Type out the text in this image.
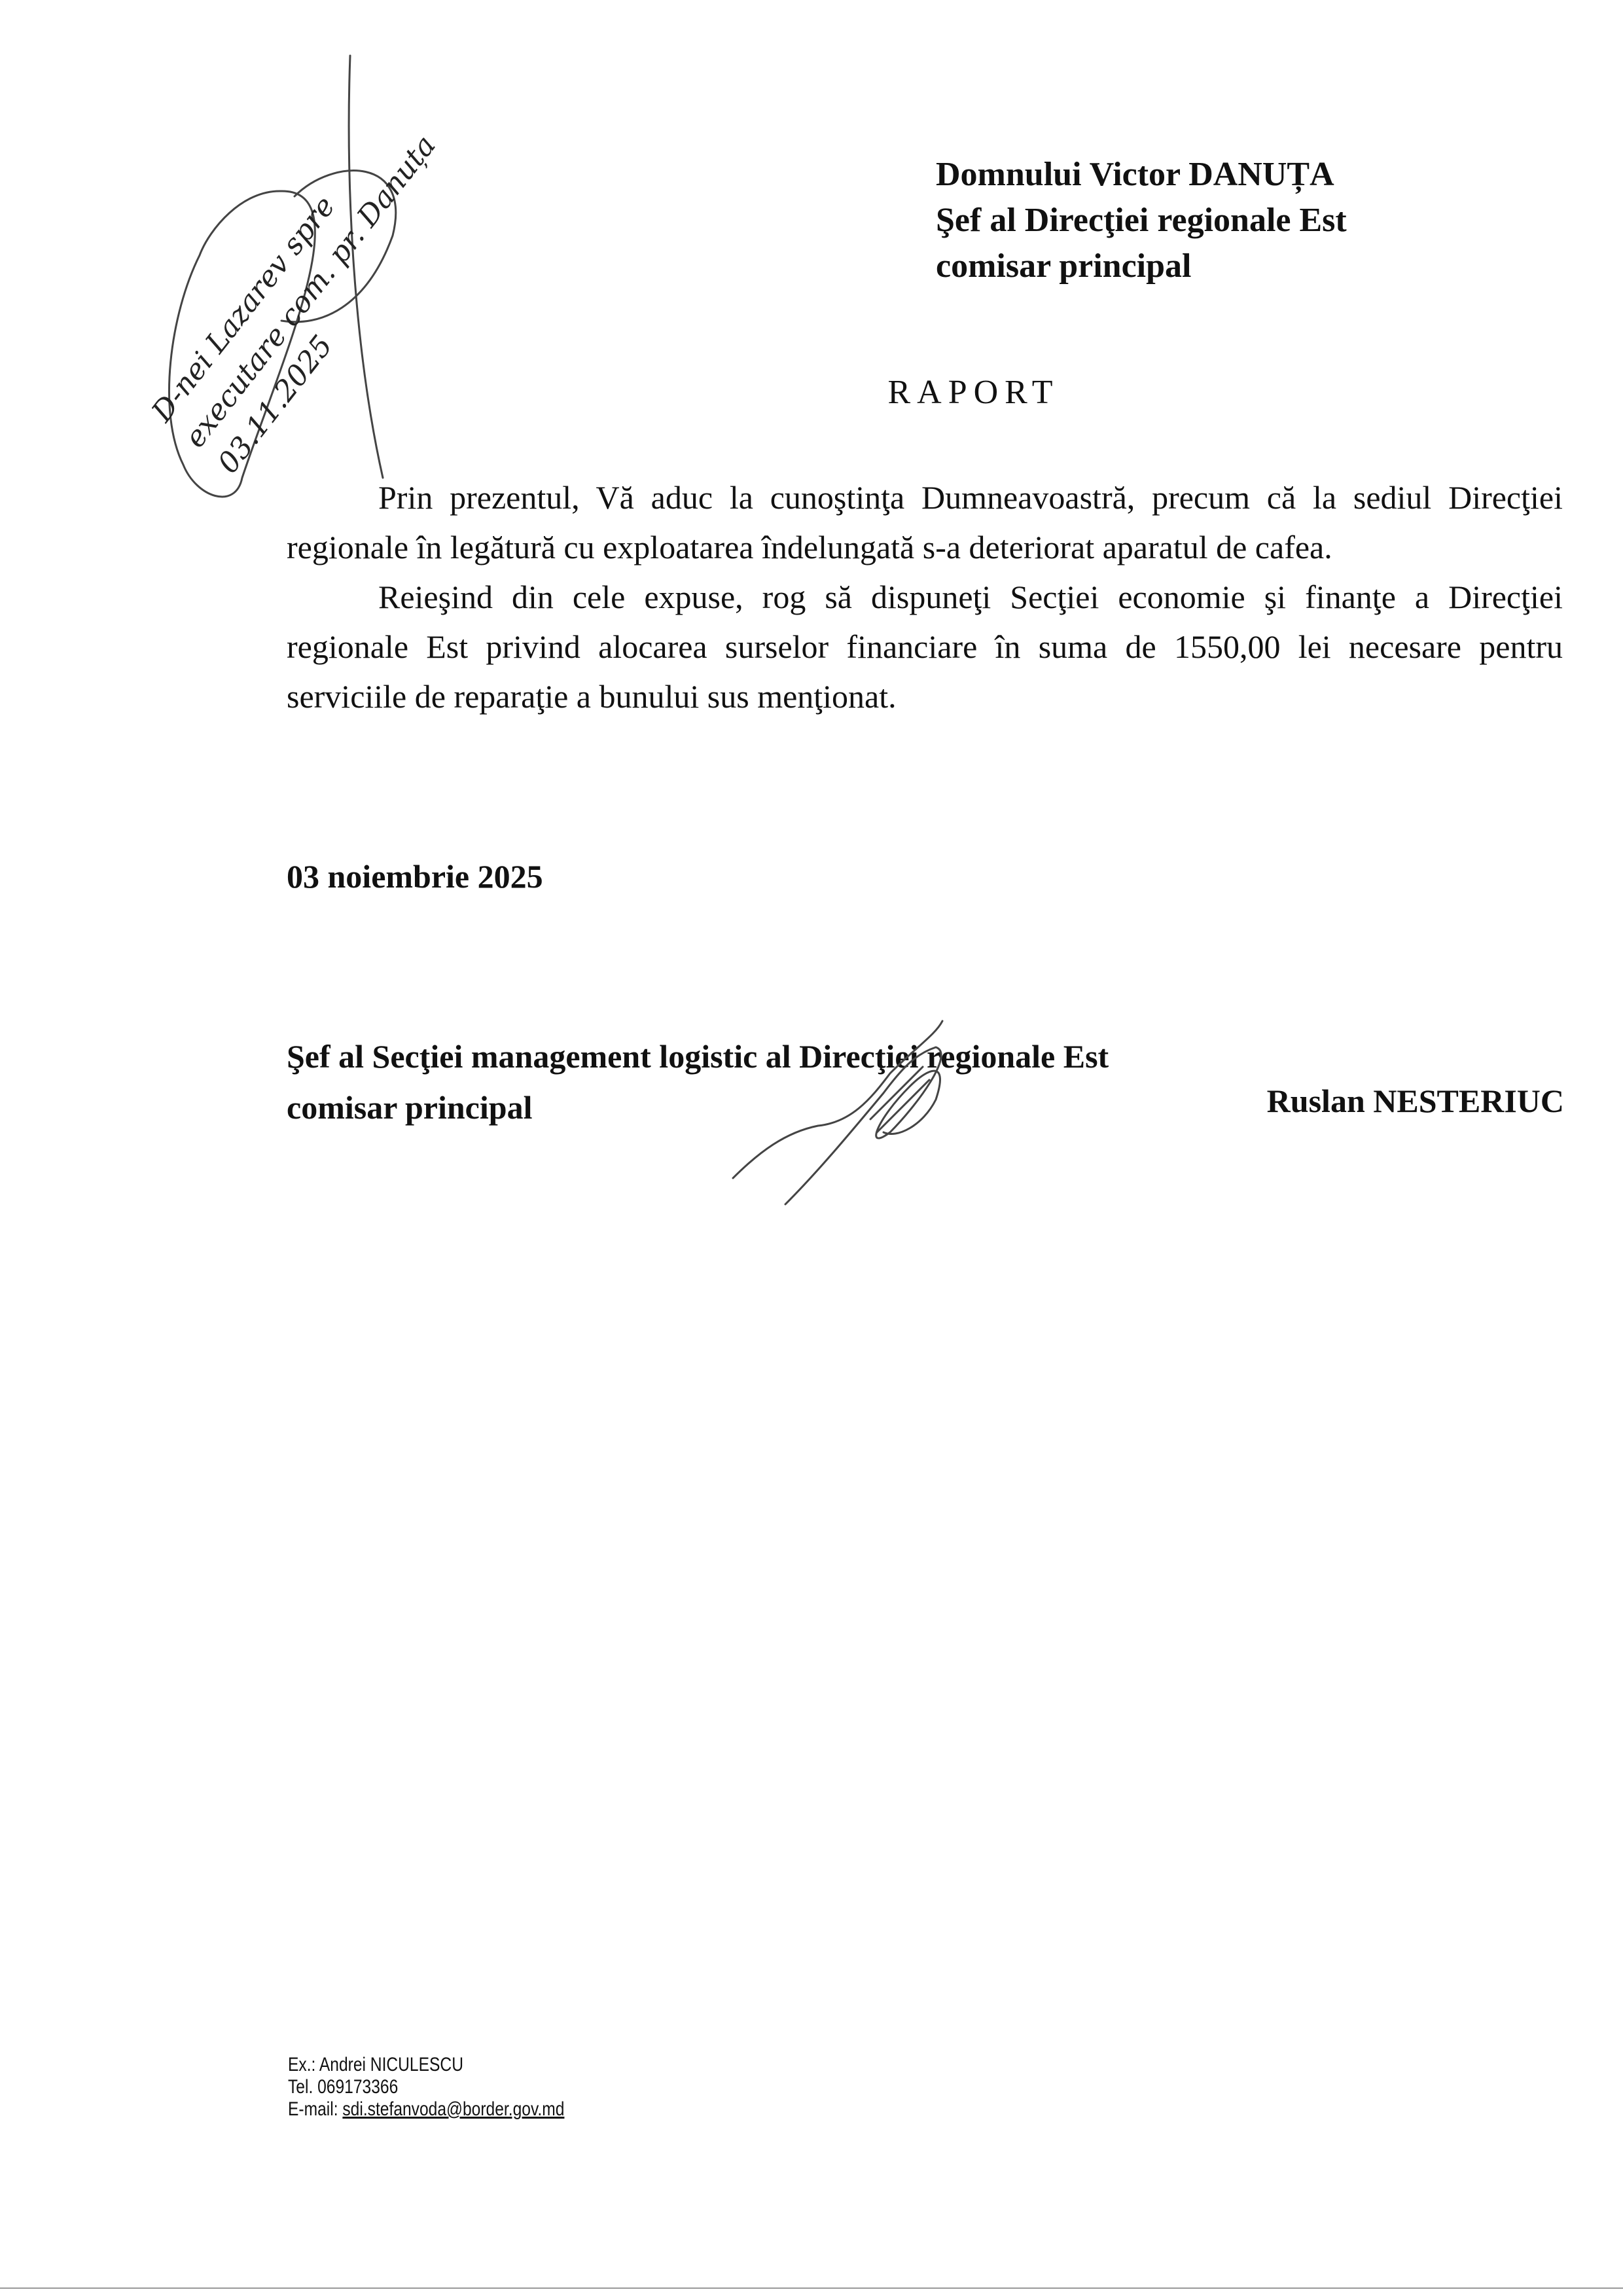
D-nei Lazarev spre executare com. pr. Danuța 03.11.2025
Domnului Victor DANUȚA
Şef al Direcţiei regionale Est
comisar principal
RAPORT

Prin prezentul, Vă aduc la cunoştinţa Dumneavoastră, precum că la sediul Direcţiei regionale în legătură cu exploatarea îndelungată s-a deteriorat aparatul de cafea.

Reieşind din cele expuse, rog să dispuneţi Secţiei economie şi finanţe a Direcţiei regionale Est privind alocarea surselor financiare în suma de 1550,00 lei necesare pentru serviciile de reparaţie a bunului sus menţionat.

03 noiembrie 2025
Şef al Secţiei management logistic al Direcţiei regionale Est
comisar principal	Ruslan NESTERIUC
Ex.: Andrei NICULESCU
Tel. 069173366
E-mail: sdi.stefanvoda@border.gov.md
